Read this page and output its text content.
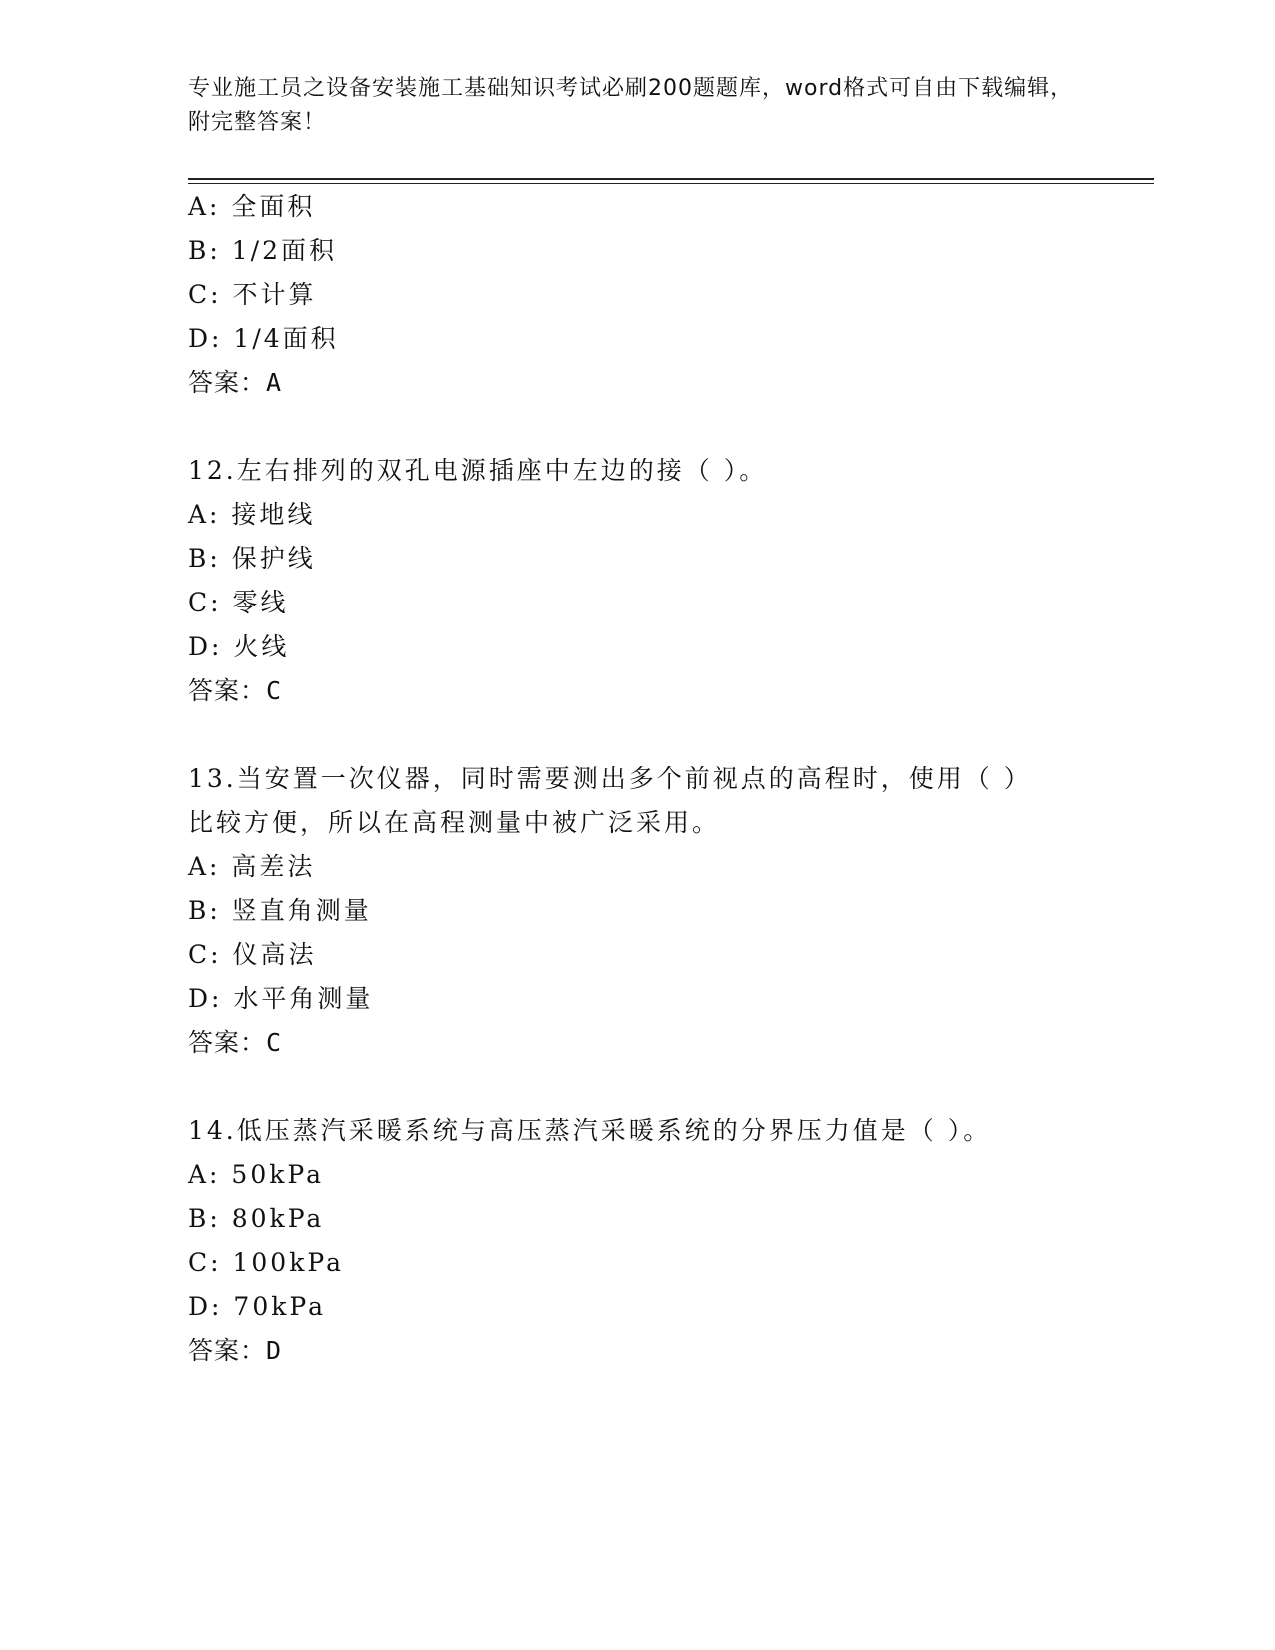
专业施工员之设备安装施工基础知识考试必刷200题题库，word格式可自由下载编辑，附完整答案！
A: 全面积
B: 1/2面积
C: 不计算
D: 1/4面积
答案：A
12.左右排列的双孔电源插座中左边的接（ ）。
A: 接地线
B: 保护线
C: 零线
D: 火线
答案：C
13.当安置一次仪器，同时需要测出多个前视点的高程时，使用（ ）
比较方便，所以在高程测量中被广泛采用。
A: 高差法
B: 竖直角测量
C: 仪高法
D: 水平角测量
答案：C
14.低压蒸汽采暖系统与高压蒸汽采暖系统的分界压力值是（ ）。
A: 50kPa
B: 80kPa
C: 100kPa
D: 70kPa
答案：D
